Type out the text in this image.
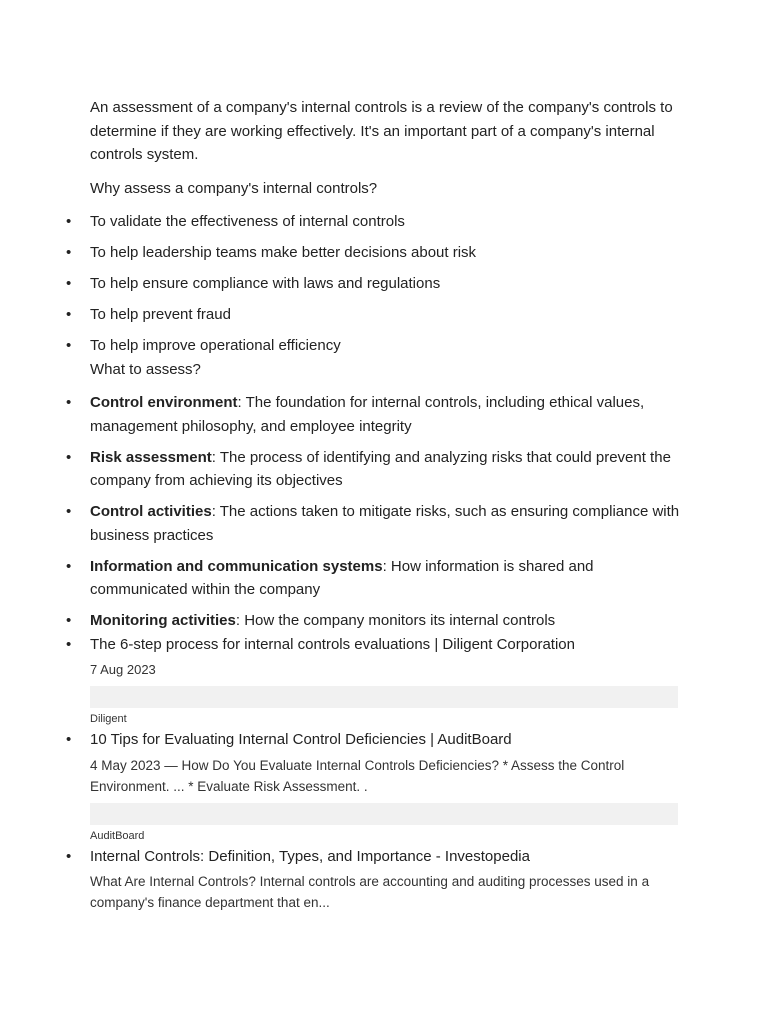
An assessment of a company's internal controls is a review of the company's controls to determine if they are working effectively. It's an important part of a company's internal controls system.

Why assess a company's internal controls?

• To validate the effectiveness of internal controls
• To help leadership teams make better decisions about risk
• To help ensure compliance with laws and regulations
• To help prevent fraud
• To help improve operational efficiency

What to assess?

• Control environment: The foundation for internal controls, including ethical values, management philosophy, and employee integrity
• Risk assessment: The process of identifying and analyzing risks that could prevent the company from achieving its objectives
• Control activities: The actions taken to mitigate risks, such as ensuring compliance with business practices
• Information and communication systems: How information is shared and communicated within the company
• Monitoring activities: How the company monitors its internal controls
• The 6-step process for internal controls evaluations | Diligent Corporation
7 Aug 2023
Diligent
• 10 Tips for Evaluating Internal Control Deficiencies | AuditBoard
4 May 2023 — How Do You Evaluate Internal Controls Deficiencies? * Assess the Control Environment. ... * Evaluate Risk Assessment. .
AuditBoard
• Internal Controls: Definition, Types, and Importance - Investopedia
What Are Internal Controls? Internal controls are accounting and auditing processes used in a company's finance department that en...
